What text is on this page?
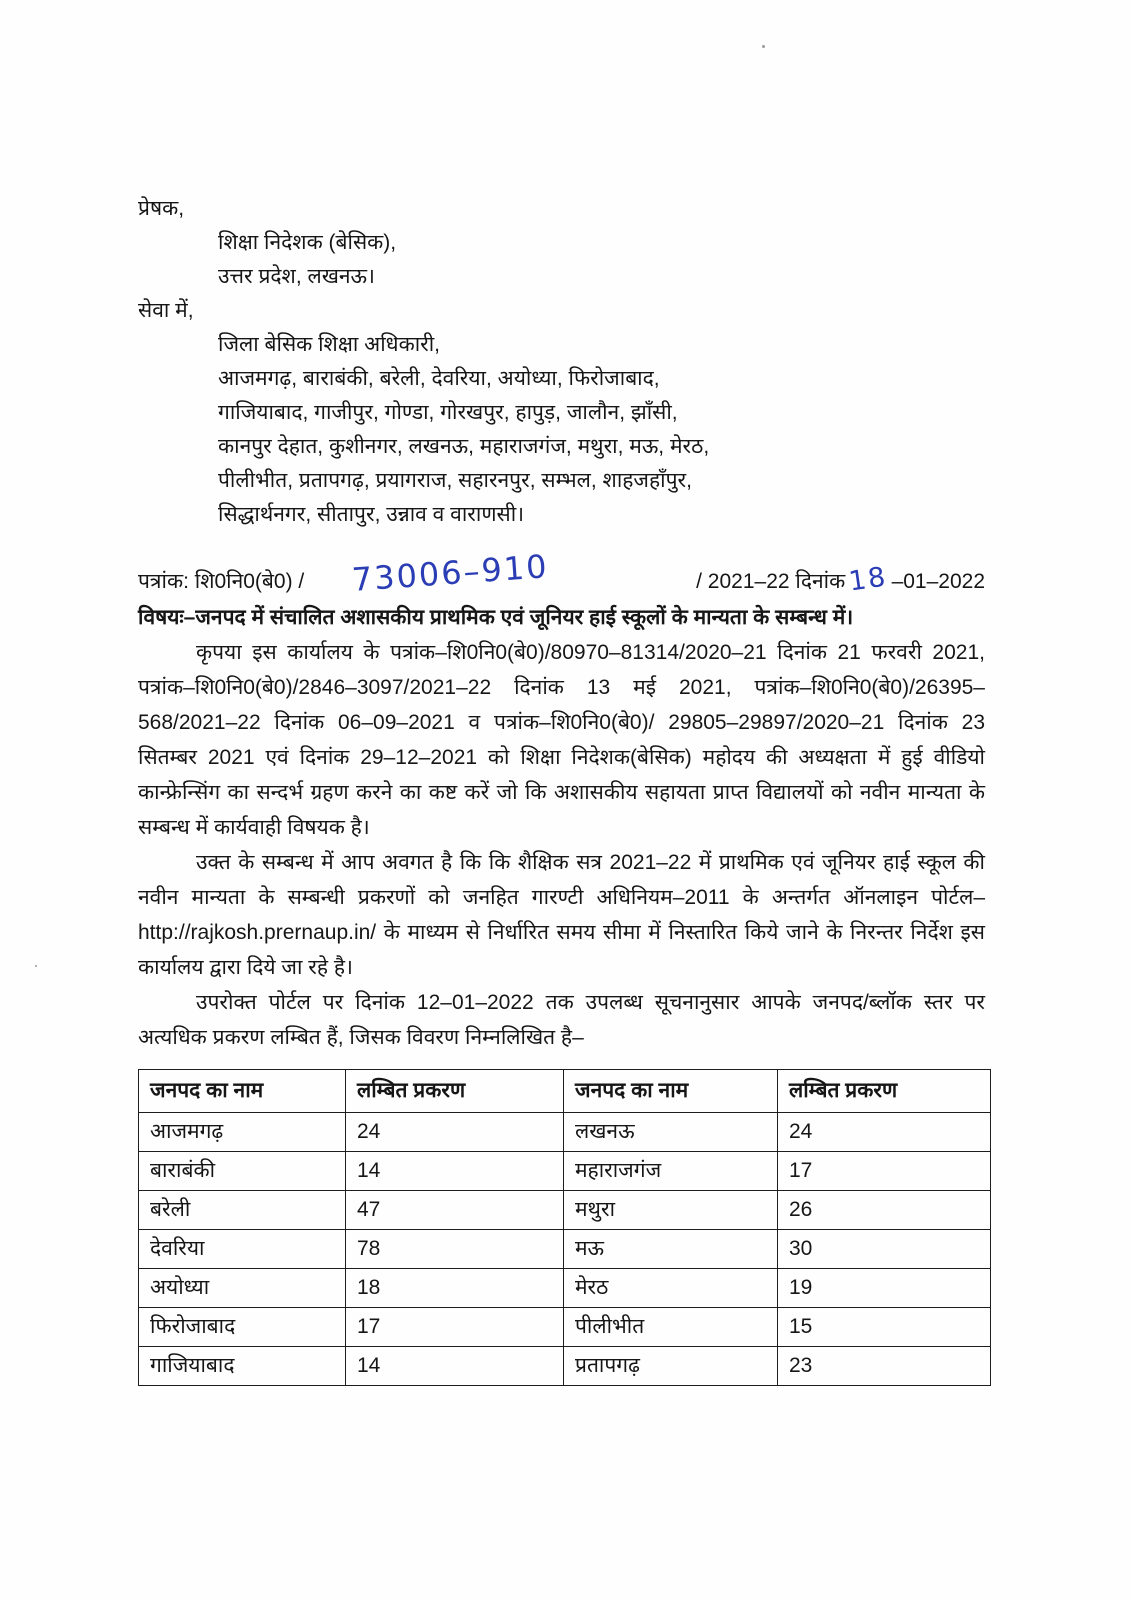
प्रेषक,
शिक्षा निदेशक (बेसिक),
उत्तर प्रदेश, लखनऊ।
सेवा में,
जिला बेसिक शिक्षा अधिकारी,
आजमगढ़, बाराबंकी, बरेली, देवरिया, अयोध्या, फिरोजाबाद,
गाजियाबाद, गाजीपुर, गोण्डा, गोरखपुर, हापुड़, जालौन, झाँसी,
कानपुर देहात, कुशीनगर, लखनऊ, महाराजगंज, मथुरा, मऊ, मेरठ,
पीलीभीत, प्रतापगढ़, प्रयागराज, सहारनपुर, सम्भल, शाहजहाँपुर,
सिद्धार्थनगर, सीतापुर, उन्नाव व वाराणसी।
पत्रांक: शि0नि0(बे0) / 73006–910	/ 2021–22 दिनांक 18 –01–2022

विषयः–जनपद में संचालित अशासकीय प्राथमिक एवं जूनियर हाई स्कूलों के मान्यता के सम्बन्ध में।

कृपया इस कार्यालय के पत्रांक–शि0नि0(बे0)/80970–81314/2020–21 दिनांक 21 फरवरी 2021, पत्रांक–शि0नि0(बे0)/2846–3097/2021–22 दिनांक 13 मई 2021, पत्रांक–शि0नि0(बे0)/26395–568/2021–22 दिनांक 06–09–2021 व पत्रांक–शि0नि0(बे0)/ 29805–29897/2020–21 दिनांक 23 सितम्बर 2021 एवं दिनांक 29–12–2021 को शिक्षा निदेशक(बेसिक) महोदय की अध्यक्षता में हुई वीडियो कान्फ्रेन्सिंग का सन्दर्भ ग्रहण करने का कष्ट करें जो कि अशासकीय सहायता प्राप्त विद्यालयों को नवीन मान्यता के सम्बन्ध में कार्यवाही विषयक है।

उक्त के सम्बन्ध में आप अवगत है कि कि शैक्षिक सत्र 2021–22 में प्राथमिक एवं जूनियर हाई स्कूल की नवीन मान्यता के सम्बन्धी प्रकरणों को जनहित गारण्टी अधिनियम–2011 के अन्तर्गत ऑनलाइन पोर्टल–http://rajkosh.prernaup.in/ के माध्यम से निर्धारित समय सीमा में निस्तारित किये जाने के निरन्तर निर्देश इस कार्यालय द्वारा दिये जा रहे है।

उपरोक्त पोर्टल पर दिनांक 12–01–2022 तक उपलब्ध सूचनानुसार आपके जनपद/ब्लॉक स्तर पर अत्यधिक प्रकरण लम्बित हैं, जिसक विवरण निम्नलिखित है–

जनपद का नाम	लम्बित प्रकरण	जनपद का नाम	लम्बित प्रकरण
आजमगढ़	24	लखनऊ	24
बाराबंकी	14	महाराजगंज	17
बरेली	47	मथुरा	26
देवरिया	78	मऊ	30
अयोध्या	18	मेरठ	19
फिरोजाबाद	17	पीलीभीत	15
गाजियाबाद	14	प्रतापगढ़	23
